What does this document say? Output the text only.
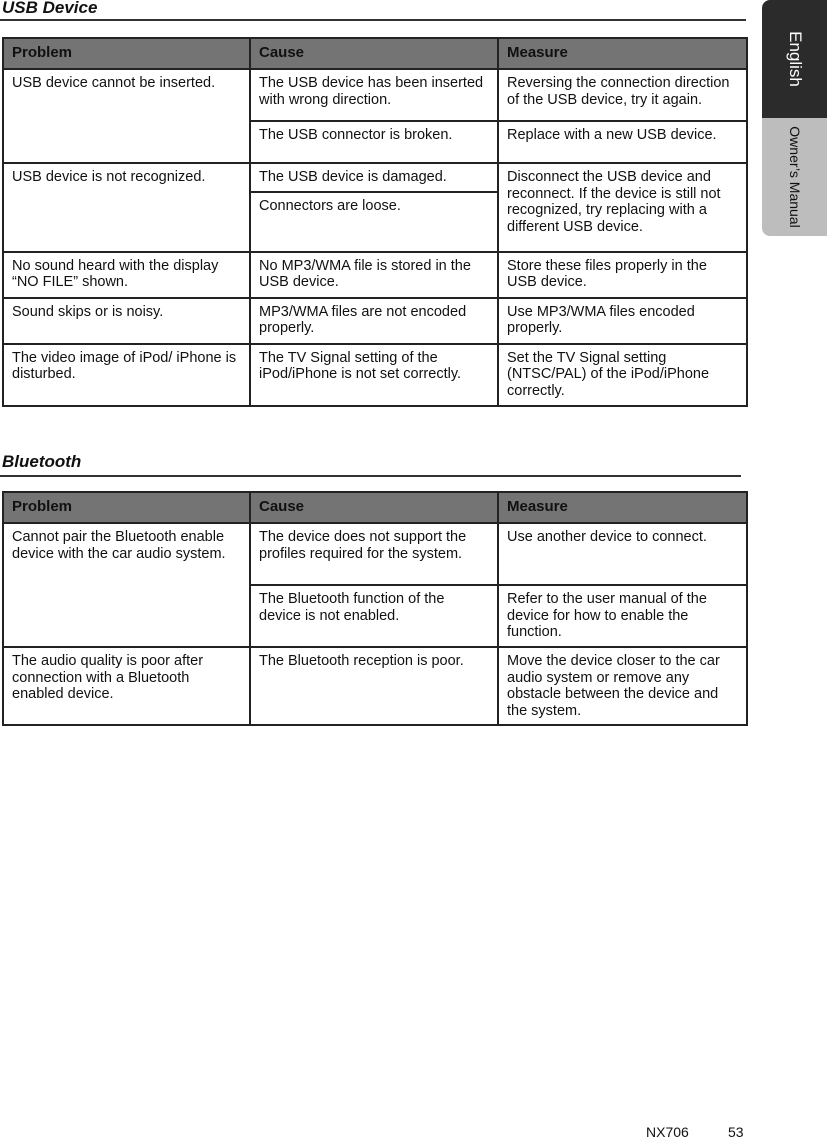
English
Owner’s Manual
USB Device
Problem	Cause	Measure
USB device cannot be inserted.	The USB device has been inserted with wrong direction.	Reversing the connection direction of the USB device, try it again.
	The USB connector is broken.	Replace with a new USB device.
USB device is not recognized.	The USB device is damaged.	Disconnect the USB device and reconnect. If the device is still not recognized, try replacing with a different USB device.
	Connectors are loose.	
No sound heard with the display “NO FILE” shown.	No MP3/WMA file is stored in the USB device.	Store these files properly in the USB device.
Sound skips or is noisy.	MP3/WMA files are not encoded properly.	Use MP3/WMA files encoded properly.
The video image of iPod/ iPhone is disturbed.	The TV Signal setting of the iPod/iPhone is not set correctly.	Set the TV Signal setting (NTSC/PAL) of the iPod/iPhone correctly.
Bluetooth
Problem	Cause	Measure
Cannot pair the Bluetooth enable device with the car audio system.	The device does not support the profiles required for the system.	Use another device to connect.
	The Bluetooth function of the device is not enabled.	Refer to the user manual of the device for how to enable the function.
The audio quality is poor after connection with a Bluetooth enabled device.	The Bluetooth reception is poor.	Move the device closer to the car audio system or remove any obstacle between the device and the system.
NX706	53
